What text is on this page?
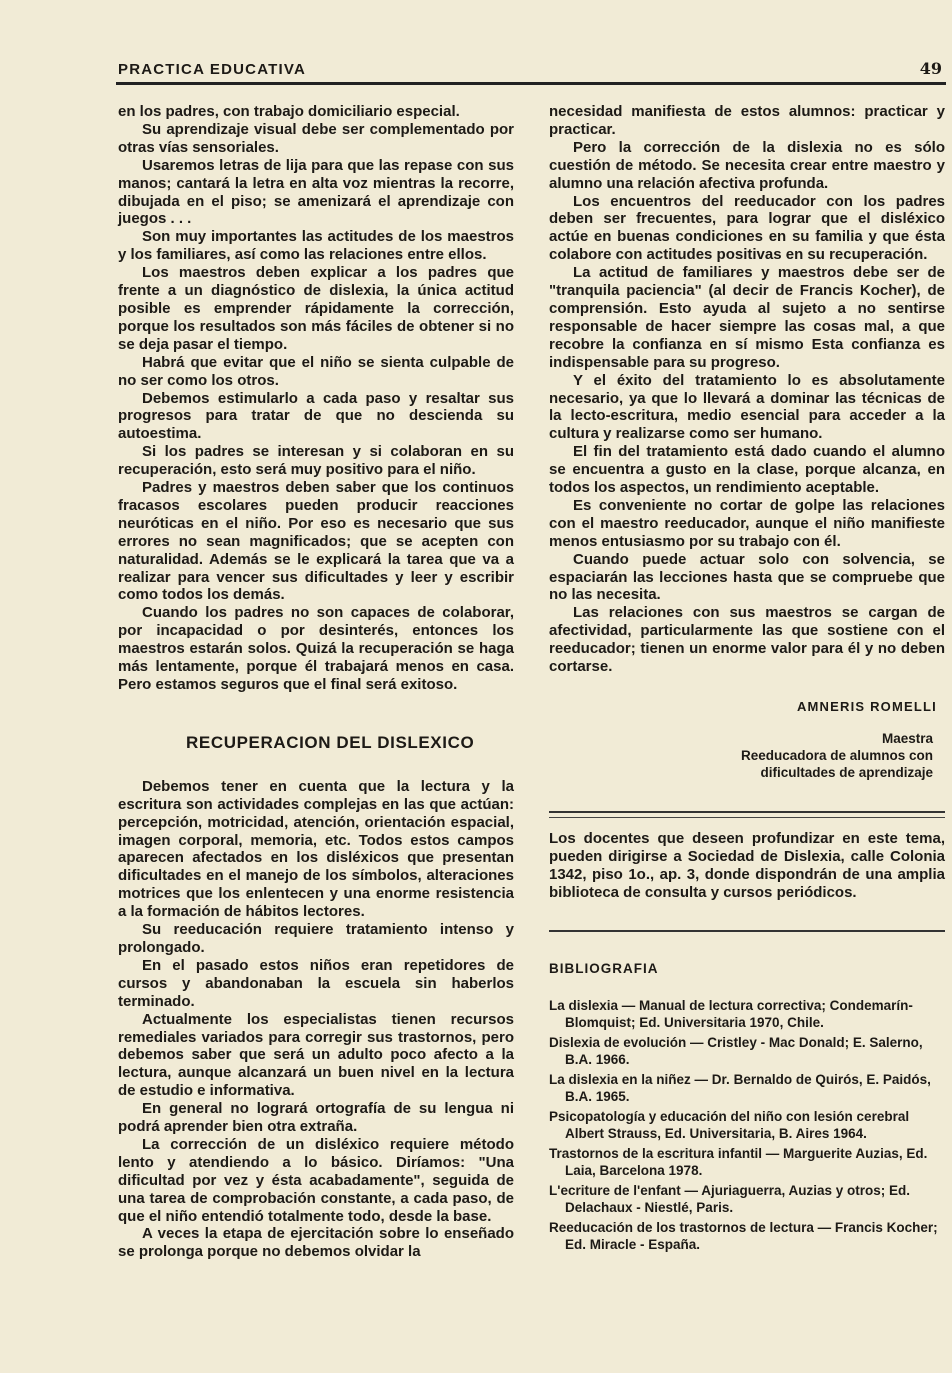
PRACTICA EDUCATIVA	49

en los padres, con trabajo domiciliario especial.

Su aprendizaje visual debe ser complementado por otras vías sensoriales.

Usaremos letras de lija para que las repase con sus manos; cantará la letra en alta voz mientras la recorre, dibujada en el piso; se amenizará el aprendizaje con juegos . . .

Son muy importantes las actitudes de los maestros y los familiares, así como las relaciones entre ellos.

Los maestros deben explicar a los padres que frente a un diagnóstico de dislexia, la única actitud posible es emprender rápidamente la corrección, porque los resultados son más fáciles de obtener si no se deja pasar el tiempo.

Habrá que evitar que el niño se sienta culpable de no ser como los otros.

Debemos estimularlo a cada paso y resaltar sus progresos para tratar de que no descienda su autoestima.

Si los padres se interesan y si colaboran en su recuperación, esto será muy positivo para el niño.

Padres y maestros deben saber que los continuos fracasos escolares pueden producir reacciones neuróticas en el niño. Por eso es necesario que sus errores no sean magnificados; que se acepten con naturalidad. Además se le explicará la tarea que va a realizar para vencer sus dificultades y leer y escribir como todos los demás.

Cuando los padres no son capaces de colaborar, por incapacidad o por desinterés, entonces los maestros estarán solos. Quizá la recuperación se haga más lentamente, porque él trabajará menos en casa. Pero estamos seguros que el final será exitoso.

RECUPERACION DEL DISLEXICO

Debemos tener en cuenta que la lectura y la escritura son actividades complejas en las que actúan: percepción, motricidad, atención, orientación espacial, imagen corporal, memoria, etc. Todos estos campos aparecen afectados en los disléxicos que presentan dificultades en el manejo de los símbolos, alteraciones motrices que los enlentecen y una enorme resistencia a la formación de hábitos lectores.

Su reeducación requiere tratamiento intenso y prolongado.

En el pasado estos niños eran repetidores de cursos y abandonaban la escuela sin haberlos terminado.

Actualmente los especialistas tienen recursos remediales variados para corregir sus trastornos, pero debemos saber que será un adulto poco afecto a la lectura, aunque alcanzará un buen nivel en la lectura de estudio e informativa.

En general no logrará ortografía de su lengua ni podrá aprender bien otra extraña.

La corrección de un disléxico requiere método lento y atendiendo a lo básico. Diríamos: "Una dificultad por vez y ésta acabadamente", seguida de una tarea de comprobación constante, a cada paso, de que el niño entendió totalmente todo, desde la base.

A veces la etapa de ejercitación sobre lo enseñado se prolonga porque no debemos olvidar la

necesidad manifiesta de estos alumnos: practicar y practicar.

Pero la corrección de la dislexia no es sólo cuestión de método. Se necesita crear entre maestro y alumno una relación afectiva profunda.

Los encuentros del reeducador con los padres deben ser frecuentes, para lograr que el disléxico actúe en buenas condiciones en su familia y que ésta colabore con actitudes positivas en su recuperación.

La actitud de familiares y maestros debe ser de "tranquila paciencia" (al decir de Francis Kocher), de comprensión. Esto ayuda al sujeto a no sentirse responsable de hacer siempre las cosas mal, a que recobre la confianza en sí mismo Esta confianza es indispensable para su progreso.

Y el éxito del tratamiento lo es absolutamente necesario, ya que lo llevará a dominar las técnicas de la lecto-escritura, medio esencial para acceder a la cultura y realizarse como ser humano.

El fin del tratamiento está dado cuando el alumno se encuentra a gusto en la clase, porque alcanza, en todos los aspectos, un rendimiento aceptable.

Es conveniente no cortar de golpe las relaciones con el maestro reeducador, aunque el niño manifieste menos entusiasmo por su trabajo con él.

Cuando puede actuar solo con solvencia, se espaciarán las lecciones hasta que se compruebe que no las necesita.

Las relaciones con sus maestros se cargan de afectividad, particularmente las que sostiene con el reeducador; tienen un enorme valor para él y no deben cortarse.

AMNERIS ROMELLI
Maestra
Reeducadora de alumnos con
dificultades de aprendizaje

Los docentes que deseen profundizar en este tema, pueden dirigirse a Sociedad de Dislexia, calle Colonia 1342, piso 1o., ap. 3, donde dispondrán de una amplia biblioteca de consulta y cursos periódicos.

BIBLIOGRAFIA
La dislexia — Manual de lectura correctiva; Condemarín-Blomquist; Ed. Universitaria 1970, Chile.
Dislexia de evolución — Cristley - Mac Donald; E. Salerno, B.A. 1966.
La dislexia en la niñez — Dr. Bernaldo de Quirós, E. Paidós, B.A. 1965.
Psicopatología y educación del niño con lesión cerebral Albert Strauss, Ed. Universitaria, B. Aires 1964.
Trastornos de la escritura infantil — Marguerite Auzias, Ed. Laia, Barcelona 1978.
L'ecriture de l'enfant — Ajuriaguerra, Auzias y otros; Ed. Delachaux - Niestlé, Paris.
Reeducación de los trastornos de lectura — Francis Kocher; Ed. Miracle - España.
